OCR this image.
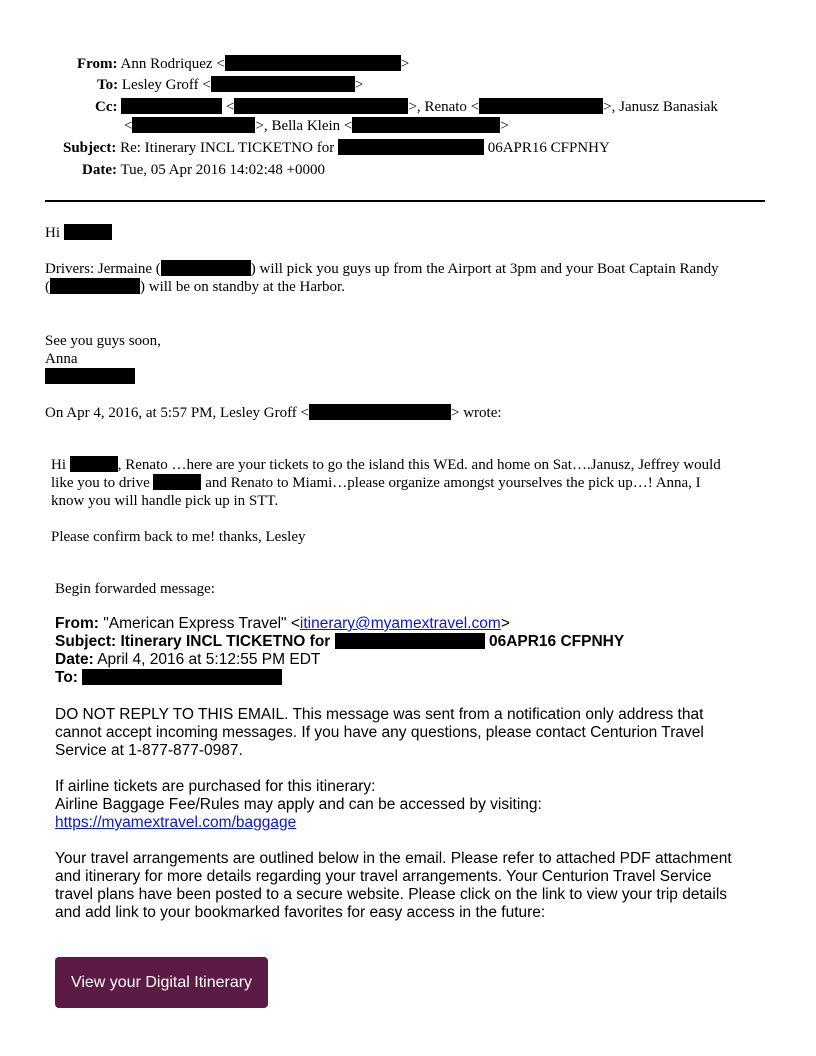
From: Ann Rodriquez <	>
To: Lesley Groff <	>
Cc:	<	>, Renato <	>, Janusz Banasiak
<	>, Bella Klein <	>
Subject: Re: Itinerary INCL TICKETNO for	06APR16 CFPNHY
Date: Tue, 05 Apr 2016 14:02:48 +0000
Hi
Drivers: Jermaine (	) will pick you guys up from the Airport at 3pm and your Boat Captain Randy
(	) will be on standby at the Harbor.
See you guys soon,
Anna
On Apr 4, 2016, at 5:57 PM, Lesley Groff <	> wrote:
Hi	, Renato …here are your tickets to go the island this WEd. and home on Sat….Janusz, Jeffrey would
like you to drive	and Renato to Miami…please organize amongst yourselves the pick up…! Anna, I
know you will handle pick up in STT.
Please confirm back to me! thanks, Lesley
Begin forwarded message:
From: "American Express Travel" <itinerary@myamextravel.com>
Subject: Itinerary INCL TICKETNO for	06APR16 CFPNHY
Date: April 4, 2016 at 5:12:55 PM EDT
To:
DO NOT REPLY TO THIS EMAIL. This message was sent from a notification only address that
cannot accept incoming messages. If you have any questions, please contact Centurion Travel
Service at 1-877-877-0987.
If airline tickets are purchased for this itinerary:
Airline Baggage Fee/Rules may apply and can be accessed by visiting:
https://myamextravel.com/baggage
Your travel arrangements are outlined below in the email. Please refer to attached PDF attachment
and itinerary for more details regarding your travel arrangements. Your Centurion Travel Service
travel plans have been posted to a secure website. Please click on the link to view your trip details
and add link to your bookmarked favorites for easy access in the future:
View your Digital Itinerary
